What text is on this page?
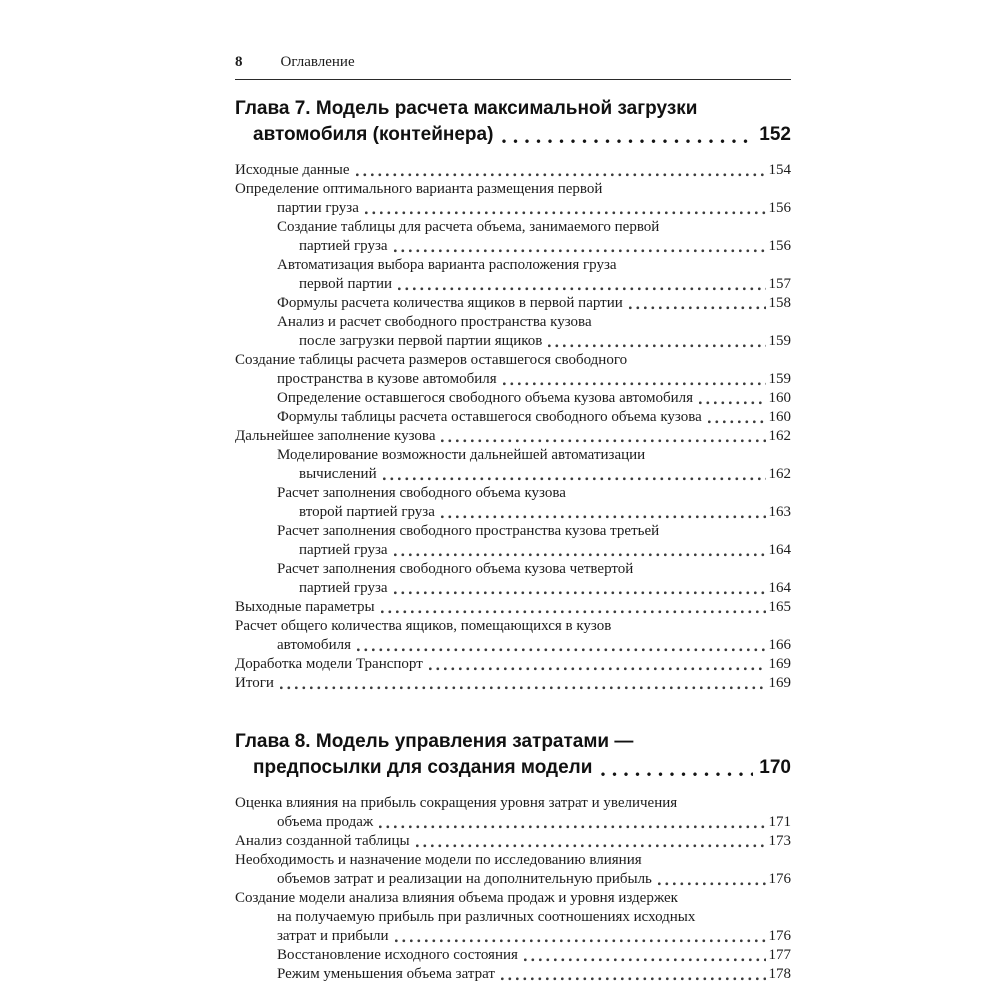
8	Оглавление
Глава 7. Модель расчета максимальной загрузки
автомобиля (контейнера)	152
Исходные данные	154
Определение оптимального варианта размещения первой
партии груза	156
Создание таблицы для расчета объема, занимаемого первой
партией груза	156
Автоматизация выбора варианта расположения груза
первой партии	157
Формулы расчета количества ящиков в первой партии	158
Анализ и расчет свободного пространства кузова
после загрузки первой партии ящиков	159
Создание таблицы расчета размеров оставшегося свободного
пространства в кузове автомобиля	159
Определение оставшегося свободного объема кузова автомобиля	160
Формулы таблицы расчета оставшегося свободного объема кузова	160
Дальнейшее заполнение кузова	162
Моделирование возможности дальнейшей автоматизации
вычислений	162
Расчет заполнения свободного объема кузова
второй партией груза	163
Расчет заполнения свободного пространства кузова третьей
партией груза	164
Расчет заполнения свободного объема кузова четвертой
партией груза	164
Выходные параметры	165
Расчет общего количества ящиков, помещающихся в кузов
автомобиля	166
Доработка модели Транспорт	169
Итоги	169
Глава 8. Модель управления затратами —
предпосылки для создания модели	170
Оценка влияния на прибыль сокращения уровня затрат и увеличения
объема продаж	171
Анализ созданной таблицы	173
Необходимость и назначение модели по исследованию влияния
объемов затрат и реализации на дополнительную прибыль	176
Создание модели анализа влияния объема продаж и уровня издержек
на получаемую прибыль при различных соотношениях исходных
затрат и прибыли	176
Восстановление исходного состояния	177
Режим уменьшения объема затрат	178
